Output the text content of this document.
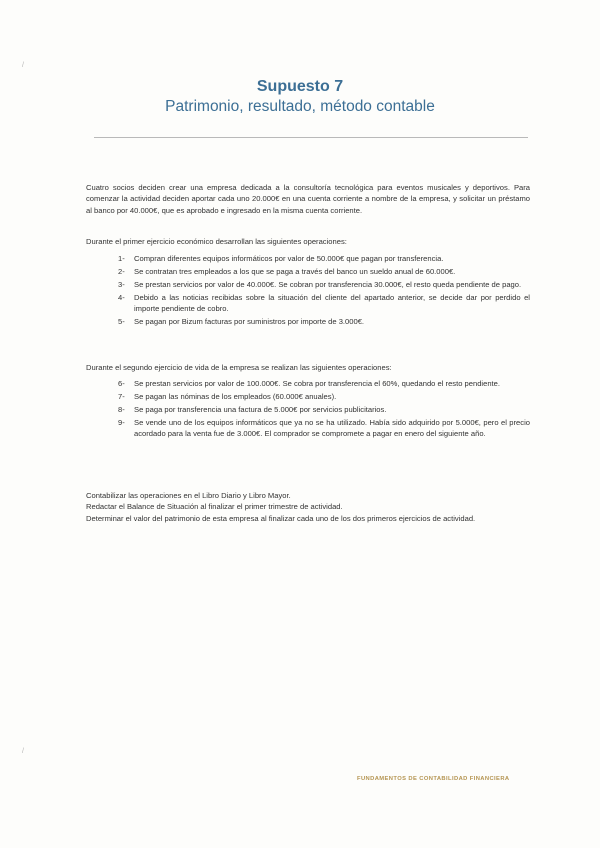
/
/
Supuesto 7
Patrimonio, resultado, método contable

Cuatro socios deciden crear una empresa dedicada a la consultoría tecnológica para eventos musicales y deportivos. Para comenzar la actividad deciden aportar cada uno 20.000€ en una cuenta corriente a nombre de la empresa, y solicitar un préstamo al banco por 40.000€, que es aprobado e ingresado en la misma cuenta corriente.

Durante el primer ejercicio económico desarrollan las siguientes operaciones:
1- Compran diferentes equipos informáticos por valor de 50.000€ que pagan por transferencia.
2- Se contratan tres empleados a los que se paga a través del banco un sueldo anual de 60.000€.
3- Se prestan servicios por valor de 40.000€. Se cobran por transferencia 30.000€, el resto queda pendiente de pago.
4- Debido a las noticias recibidas sobre la situación del cliente del apartado anterior, se decide dar por perdido el importe pendiente de cobro.
5- Se pagan por Bizum facturas por suministros por importe de 3.000€.
Durante el segundo ejercicio de vida de la empresa se realizan las siguientes operaciones:
6- Se prestan servicios por valor de 100.000€. Se cobra por transferencia el 60%, quedando el resto pendiente.
7- Se pagan las nóminas de los empleados (60.000€ anuales).
8- Se paga por transferencia una factura de 5.000€ por servicios publicitarios.
9- Se vende uno de los equipos informáticos que ya no se ha utilizado. Había sido adquirido por 5.000€, pero el precio acordado para la venta fue de 3.000€. El comprador se compromete a pagar en enero del siguiente año.

Contabilizar las operaciones en el Libro Diario y Libro Mayor.

Redactar el Balance de Situación al finalizar el primer trimestre de actividad.

Determinar el valor del patrimonio de esta empresa al finalizar cada uno de los dos primeros ejercicios de actividad.

FUNDAMENTOS DE CONTABILIDAD FINANCIERA
